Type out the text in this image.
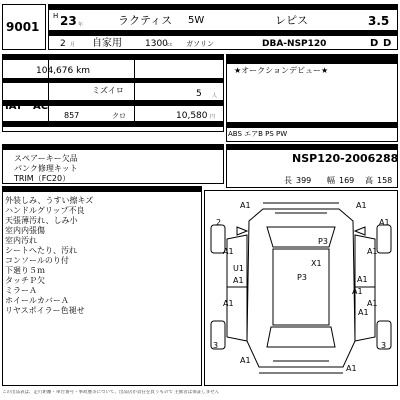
9001
H 23 年	ラクティス 5W	レピス	3.5
2 月 自家用	1300 cc ガソリン	DBA-NSP120	D D
104,676 km
IAT AC
ミズイロ	5 人
857	クロ	10,580 円
★オークションデビュー★
ABS エアB PS PW
スペアーキー欠品
パンク修理キット
TRIM（FC20）
NSP120-2006288
長 399 幅 169 高 158
外装しみ、うすい擦キズ
ハンドルグリップ不良
天張薄汚れ、しみ小
室内内張傷
室内汚れ
シートへたり、汚れ
コンソールのり付
下廻り５ｍ
タッチＰ欠
ミラーＡ
ホイールカバーＡ
リヤスポイラー色褪せ
A1	A1
2	A1
A1
P3
A1
X1
U1
P3	A1
A1
A1
A1	A1
A1
3	3
A1
A1
この出品表は、走行距離・車台番号・事故歴等について、出品店が責任を負うもので 主催者は保証しません
